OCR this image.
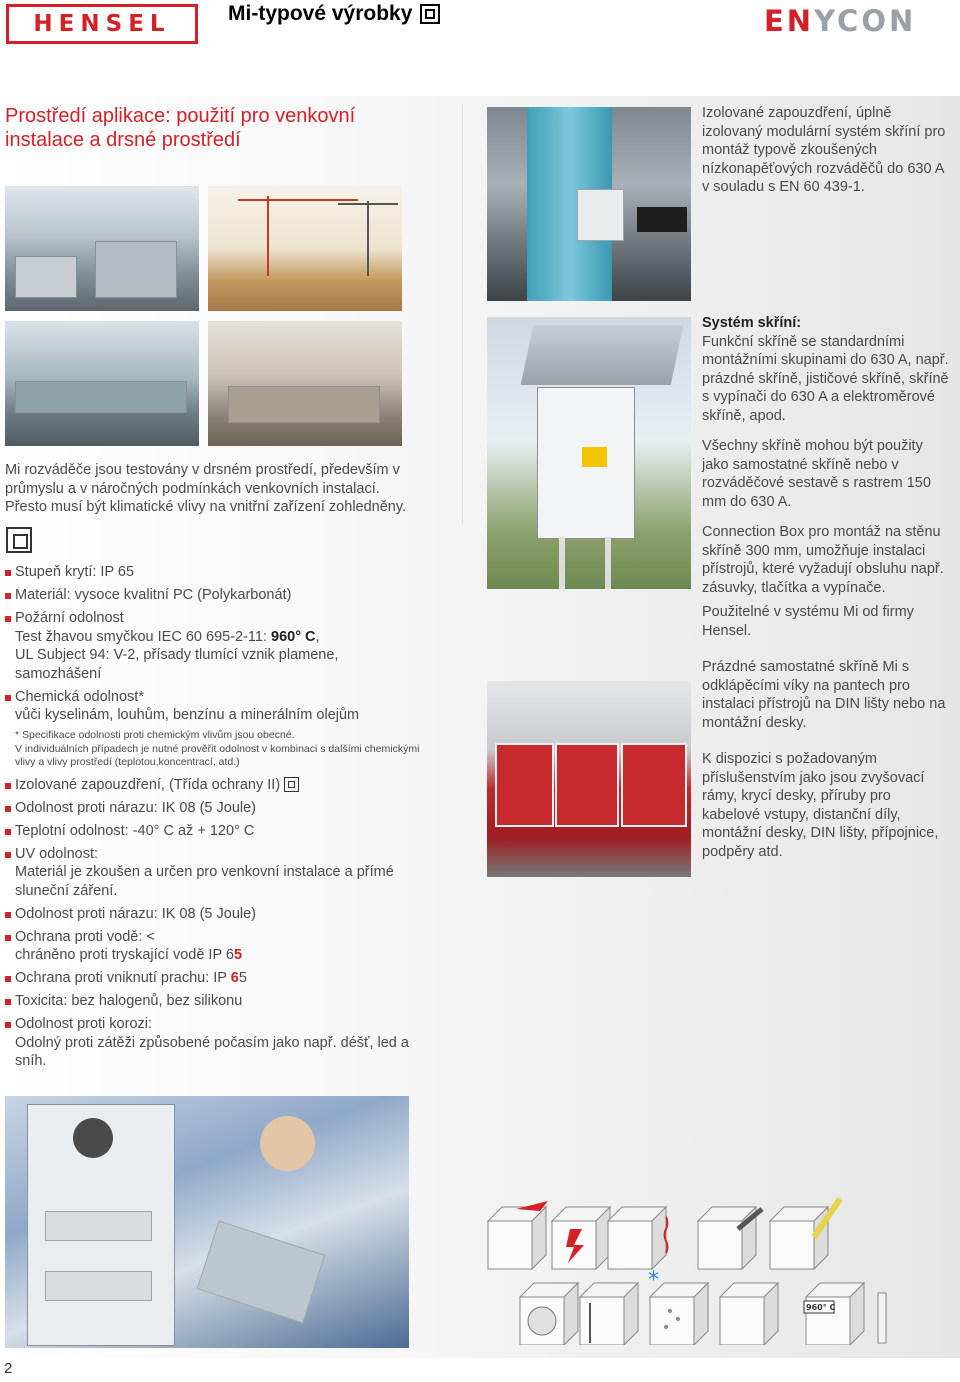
HENSEL	Mi-typové výrobky	ENYCON
Prostředí aplikace: použití pro venkovní instalace a drsné prostředí
Mi rozváděče jsou testovány v drsném prostředí, především v průmyslu a v náročných podmínkách venkovních instalací. Přesto musí být klimatické vlivy na vnitřní zařízení zohledněny.
Stupeň krytí: IP 65
Materiál: vysoce kvalitní PC (Polykarbonát)
Požární odolnost
Test žhavou smyčkou IEC 60 695-2-11: 960° C,
UL Subject 94: V-2, přísady tlumící vznik plamene, samozhášení
Chemická odolnost*
vůči kyselinám, louhům, benzínu a minerálním olejům
* Specifikace odolnosti proti chemickým vlivům jsou obecné.
V individuálních případech je nutné prověřit odolnost v kombinaci s dalšími chemickými vlivy a vlivy prostředí (teplotou,koncentrací, atd.)
Izolované zapouzdření, (Třída ochrany II)
Odolnost proti nárazu: IK 08 (5 Joule)
Teplotní odolnost: -40° C až + 120° C
UV odolnost:
Materiál je zkoušen a určen pro venkovní instalace a přímé sluneční záření.
Odolnost proti nárazu: IK 08 (5 Joule)
Ochrana proti vodě: <
chráněno proti tryskající vodě IP 65
Ochrana proti vniknutí prachu: IP 65
Toxicita: bez halogenů, bez silikonu
Odolnost proti korozi:
Odolný proti zátěži způsobené počasím jako např. déšť, led a sníh.
Izolované zapouzdření, úplně izolovaný modulární systém skříní pro montáž typově zkoušených nízkonapěťových rozváděčů do 630 A v souladu s EN 60 439-1.

Systém skříní:

Funkční skříně se standardními montážními skupinami do 630 A, např. prázdné skříně, jističové skříně, skříně s vypínači do 630 A a elektroměrové skříně, apod.

Všechny skříně mohou být použity jako samostatné skříně nebo v rozváděčové sestavě s rastrem 150 mm do 630 A.

Connection Box pro montáž na stěnu skříně 300 mm, umožňuje instalaci přístrojů, které vyžadují obsluhu např. zásuvky, tlačítka a vypínače.

Použitelné v systému Mi od firmy Hensel.

Prázdné samostatné skříně Mi s odklápěcími víky na pantech pro instalaci přístrojů na DIN lišty nebo na montážní desky.

K dispozici s požadovaným příslušenstvím jako jsou zvyšovací rámy, krycí desky, příruby pro kabelové vstupy, distanční díly, montážní desky, DIN lišty, přípojnice, podpěry atd.

*
960° C
2
